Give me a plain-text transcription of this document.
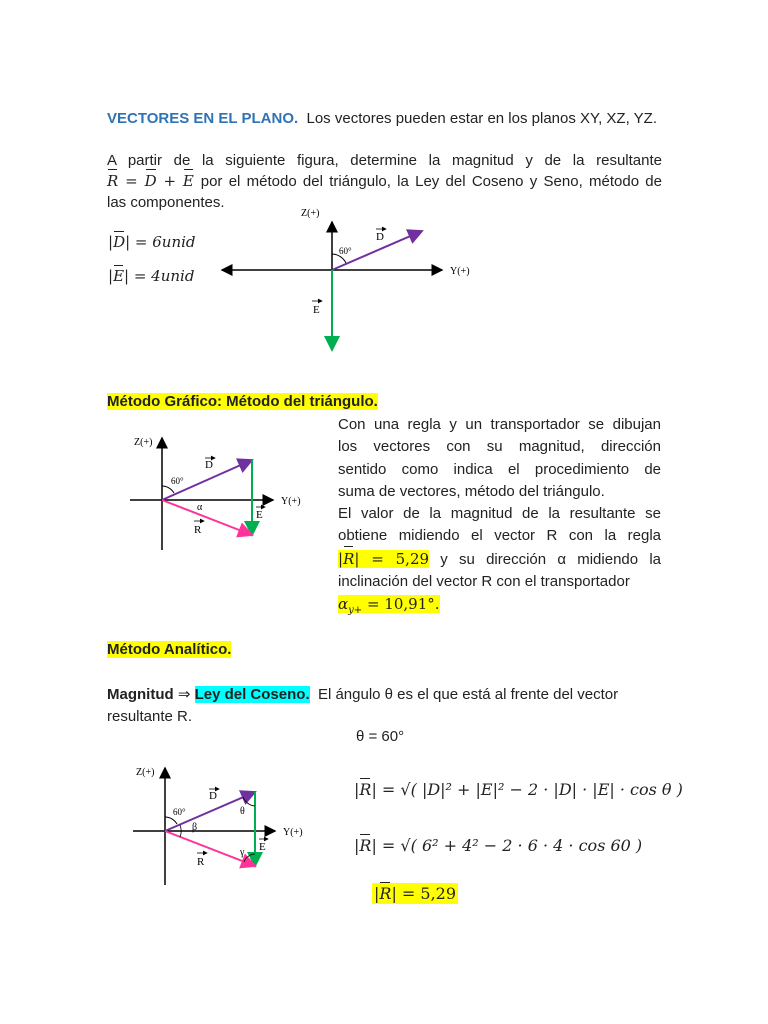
VECTORES EN EL PLANO. Los vectores pueden estar en los planos XY, XZ, YZ.
A partir de la siguiente figura, determine la magnitud y de la resultante
R = D + E por el método del triángulo, la Ley del Coseno y Seno, método de
las componentes.
|D| = 6unid
|E| = 4unid
Z(+)
Y(+)
60°
D
E
Método Gráfico: Método del triángulo.
Z(+)
Y(+)
60°
D
E
R
α
Con una regla y un transportador se dibujan
los vectores con su magnitud, dirección
sentido como indica el procedimiento de
suma de vectores, método del triángulo.
El valor de la magnitud de la resultante se
obtiene midiendo el vector R con la regla
|R| = 5,29 y su dirección α midiendo la
inclinación del vector R con el transportador
$\alpha_{y+} = 10,91^\circ$.
Método Analítico.
Magnitud ⇒ Ley del Coseno. El ángulo θ es el que está al frente del vector
resultante R.
θ = 60°
Z(+)
Y(+)
60°
D
E
R
β
θ
γ
|R| = √( |D|² + |E|² − 2 · |D| · |E| · cos θ )
|R| = √( 6² + 4² − 2 · 6 · 4 · cos 60 )
|R| = 5,29
